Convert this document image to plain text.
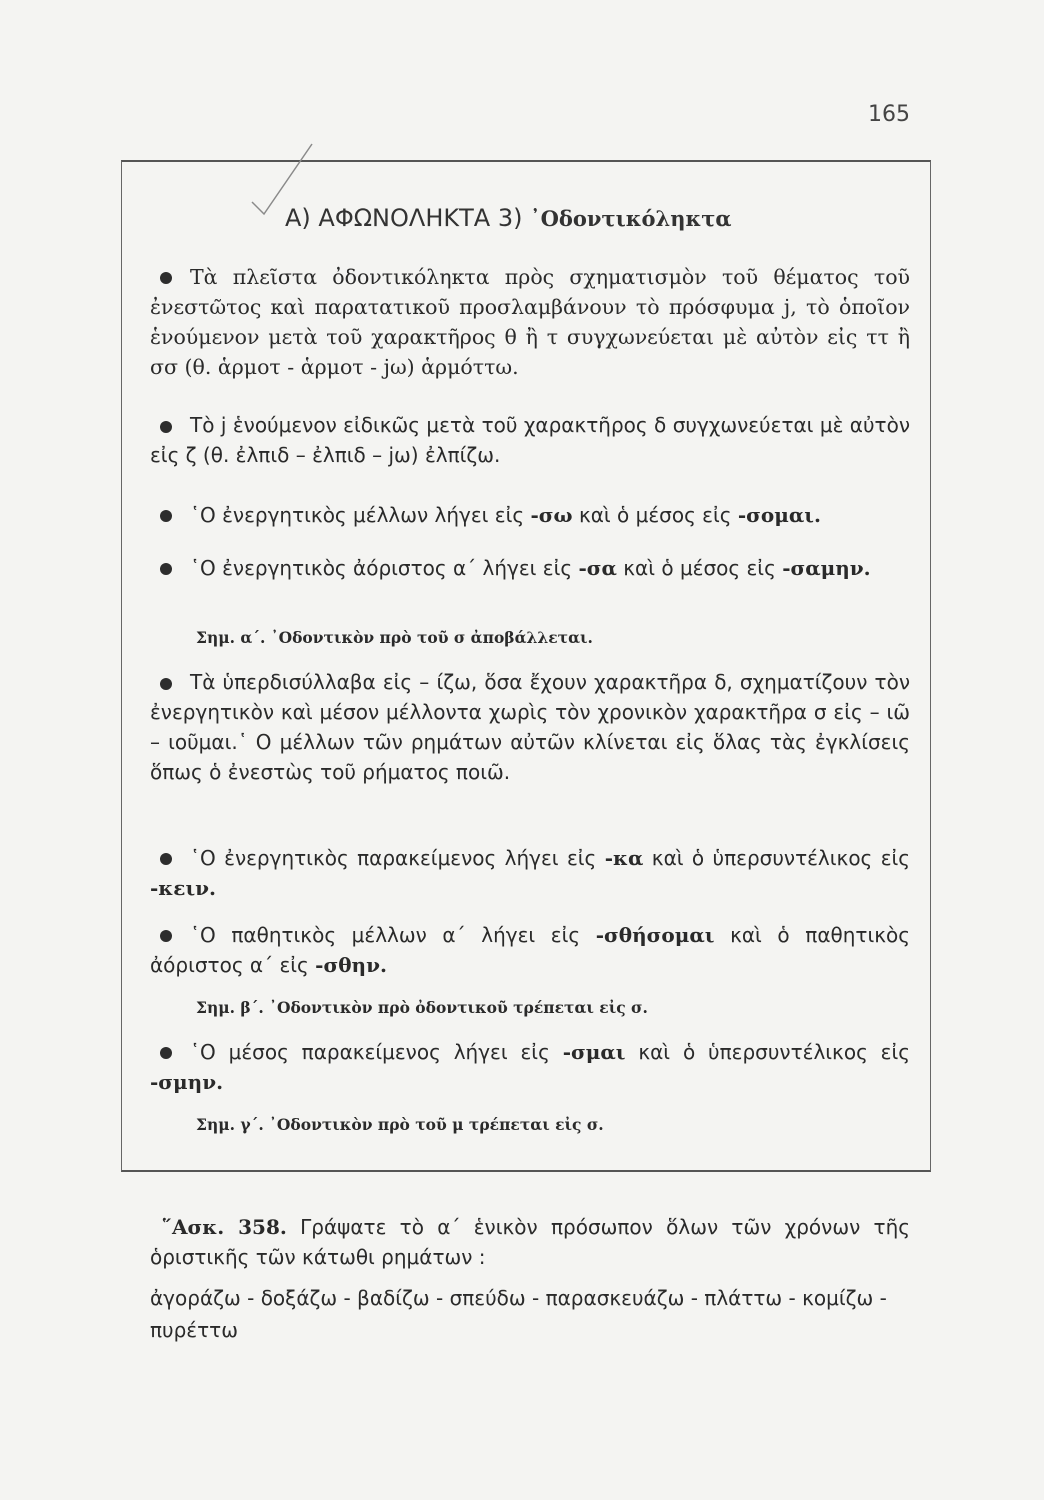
165
A) ΑΦΩΝΟΛΗΚΤΑ 3) ᾿Οδοντικόληκτα
Τὰ πλεῖστα ὀδοντικόληκτα πρὸς σχηματισμὸν τοῦ θέματος τοῦ ἐνεστῶτος καὶ παρατατικοῦ προσλαμβάνουν τὸ πρόσφυμα j, τὸ ὁποῖον ἑνούμενον μετὰ τοῦ χαρακτῆρος θ ἢ τ συγχωνεύεται μὲ αὐτὸν εἰς ττ ἢ σσ (θ. ἁρμοτ - ἁρμοτ - jω) ἁρμόττω.
Τὸ j ἑνούμενον εἰδικῶς μετὰ τοῦ χαρακτῆρος δ συγχωνεύεται μὲ αὐτὸν εἰς ζ (θ. ἐλπιδ – ἐλπιδ – jω) ἐλπίζω.
῾Ο ἐνεργητικὸς μέλλων λήγει εἰς -σω καὶ ὁ μέσος εἰς -σομαι.
῾Ο ἐνεργητικὸς ἀόριστος α΄ λήγει εἰς -σα καὶ ὁ μέσος εἰς -σαμην.
Σημ. α΄. ᾿Οδοντικὸν πρὸ τοῦ σ ἀποβάλλεται.
Τὰ ὑπερδισύλλαβα εἰς – ίζω, ὅσα ἔχουν χαρακτῆρα δ, σχηματίζουν τὸν ἐνεργητικὸν καὶ μέσον μέλλοντα χωρὶς τὸν χρονικὸν χαρακτῆρα σ εἰς – ιῶ – ιοῦμαι.῾ Ο μέλλων τῶν ρημάτων αὐτῶν κλίνεται εἰς ὅλας τὰς ἐγκλίσεις ὅπως ὁ ἐνεστὼς τοῦ ρήματος ποιῶ.
῾Ο ἐνεργητικὸς παρακείμενος λήγει εἰς -κα καὶ ὁ ὑπερσυντέλικος εἰς -κειν.
῾Ο παθητικὸς μέλλων α΄ λήγει εἰς -σθήσομαι καὶ ὁ παθητικὸς ἀόριστος α΄ εἰς -σθην.
Σημ. β΄. ᾿Οδοντικὸν πρὸ ὀδοντικοῦ τρέπεται εἰς σ.
῾Ο μέσος παρακείμενος λήγει εἰς -σμαι καὶ ὁ ὑπερσυντέλικος εἰς -σμην.
Σημ. γ΄. ᾿Οδοντικὸν πρὸ τοῦ μ τρέπεται εἰς σ.
῞Ασκ. 358. Γράψατε τὸ α΄ ἑνικὸν πρόσωπον ὅλων τῶν χρόνων τῆς ὁριστικῆς τῶν κάτωθι ρημάτων :
ἀγοράζω - δοξάζω - βαδίζω - σπεύδω - παρασκευάζω - πλάττω - κομίζω - πυρέττω
